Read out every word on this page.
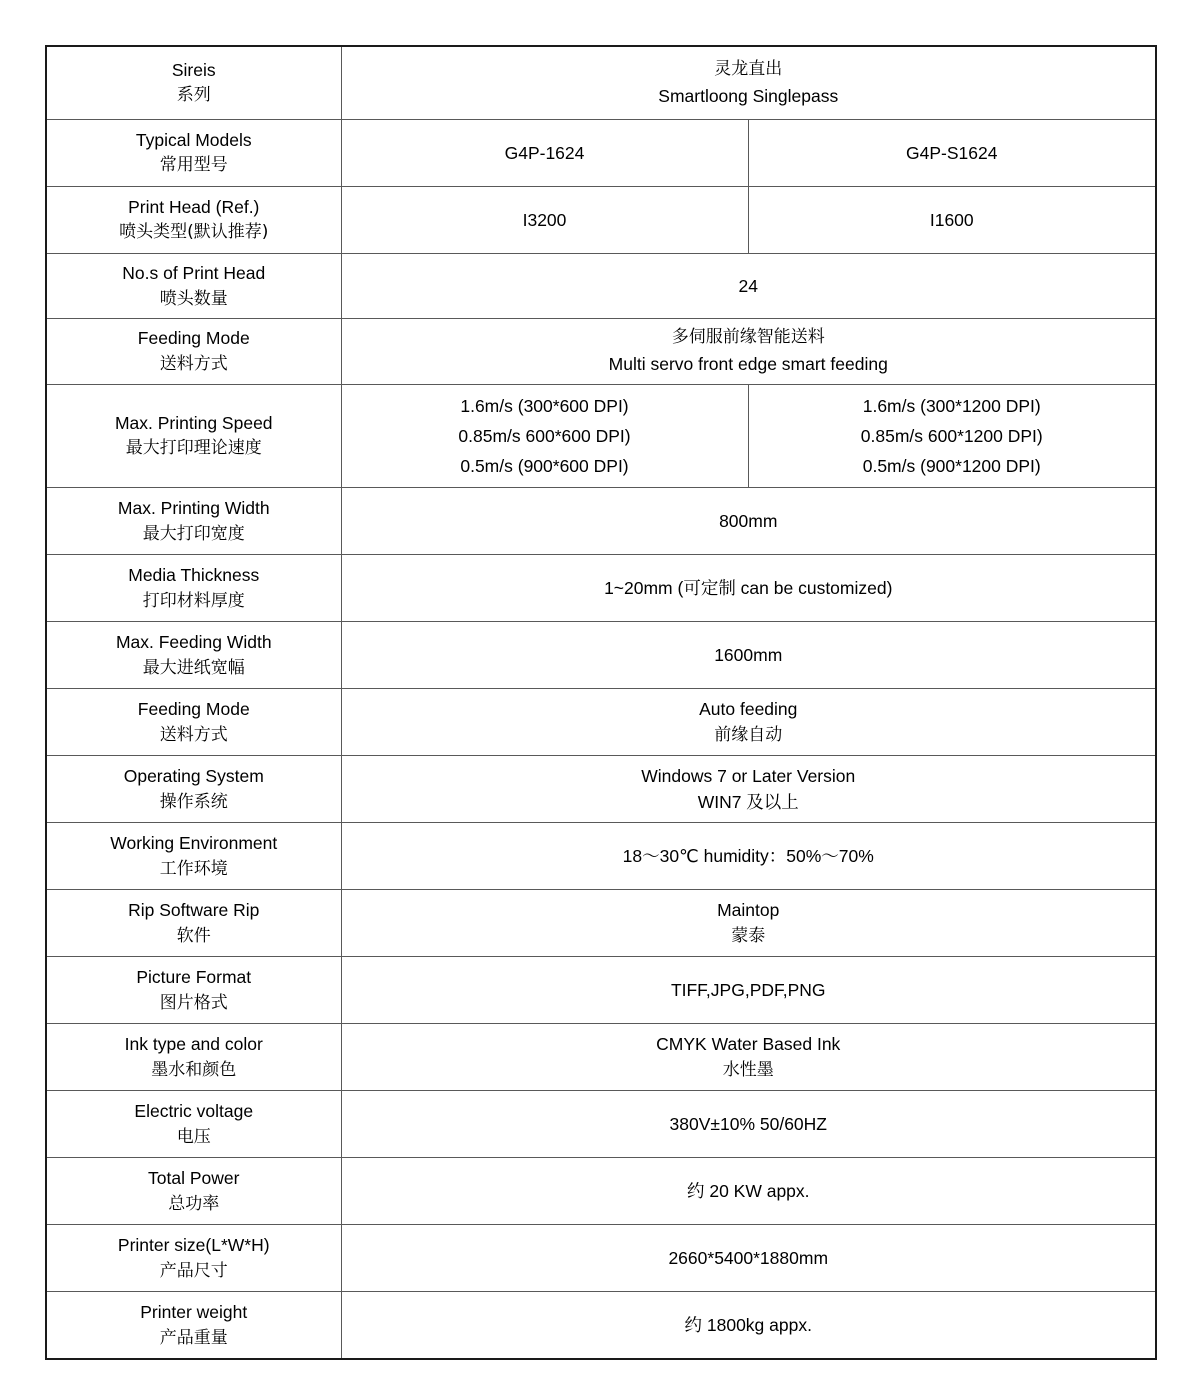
Sireis
系列	灵龙直出
Smartloong Singlepass	

Typical Models
常用型号	G4P-1624	G4P-S1624

Print Head (Ref.)
喷头类型(默认推荐)	I3200	I1600

No.s of Print Head
喷头数量	24	

Feeding Mode
送料方式	多伺服前缘智能送料
Multi servo front edge smart feeding	

Max. Printing Speed
最大打印理论速度	1.6m/s (300*600 DPI)
0.85m/s 600*600 DPI)
0.5m/s (900*600 DPI)	1.6m/s (300*1200 DPI)
0.85m/s 600*1200 DPI)
0.5m/s (900*1200 DPI)

Max. Printing Width
最大打印宽度	800mm	

Media Thickness
打印材料厚度	1~20mm (可定制 can be customized)	

Max. Feeding Width
最大进纸宽幅	1600mm	

Feeding Mode
送料方式	Auto feeding
前缘自动	

Operating System
操作系统	Windows 7 or Later Version
WIN7 及以上	

Working Environment
工作环境	18～30℃ humidity：50%～70%	

Rip Software Rip
软件	Maintop
蒙泰	

Picture Format
图片格式	TIFF,JPG,PDF,PNG	

Ink type and color
墨水和颜色	CMYK Water Based Ink
水性墨	

Electric voltage
电压	380V±10% 50/60HZ	

Total Power
总功率	约 20 KW appx.	

Printer size(L*W*H)
产品尺寸	2660*5400*1880mm	

Printer weight
产品重量	约 1800kg appx.	
